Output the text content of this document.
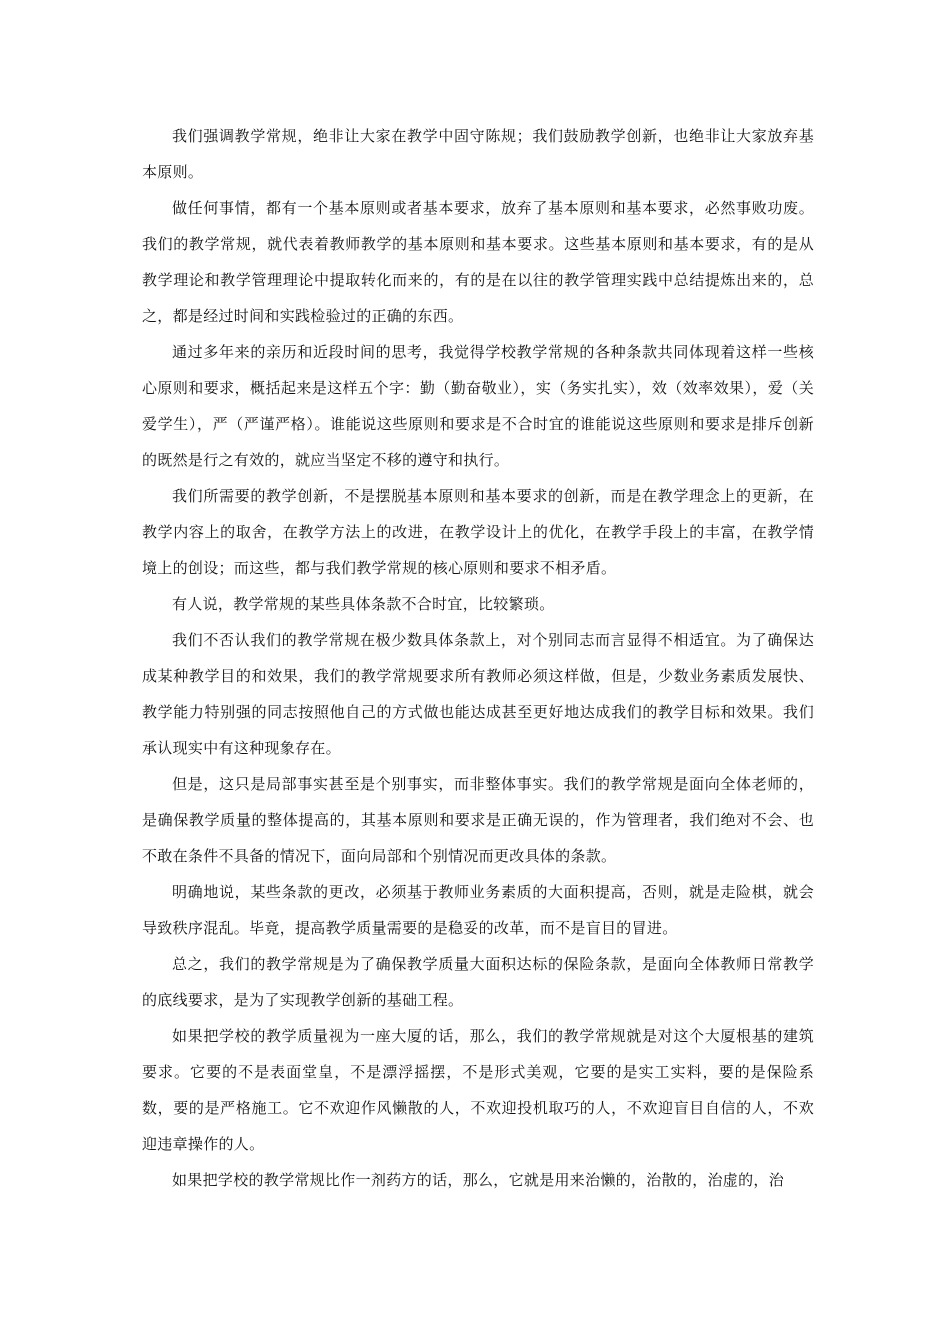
我们强调教学常规，绝非让大家在教学中固守陈规；我们鼓励教学创新，也绝非让大家放弃基本原则。

做任何事情，都有一个基本原则或者基本要求，放弃了基本原则和基本要求，必然事败功废。我们的教学常规，就代表着教师教学的基本原则和基本要求。这些基本原则和基本要求，有的是从教学理论和教学管理理论中提取转化而来的，有的是在以往的教学管理实践中总结提炼出来的，总之，都是经过时间和实践检验过的正确的东西。

通过多年来的亲历和近段时间的思考，我觉得学校教学常规的各种条款共同体现着这样一些核心原则和要求，概括起来是这样五个字：勤（勤奋敬业），实（务实扎实），效（效率效果），爱（关爱学生），严（严谨严格）。谁能说这些原则和要求是不合时宜的谁能说这些原则和要求是排斥创新的既然是行之有效的，就应当坚定不移的遵守和执行。

我们所需要的教学创新，不是摆脱基本原则和基本要求的创新，而是在教学理念上的更新，在教学内容上的取舍，在教学方法上的改进，在教学设计上的优化，在教学手段上的丰富，在教学情境上的创设；而这些，都与我们教学常规的核心原则和要求不相矛盾。

有人说，教学常规的某些具体条款不合时宜，比较繁琐。

我们不否认我们的教学常规在极少数具体条款上，对个别同志而言显得不相适宜。为了确保达成某种教学目的和效果，我们的教学常规要求所有教师必须这样做，但是，少数业务素质发展快、教学能力特别强的同志按照他自己的方式做也能达成甚至更好地达成我们的教学目标和效果。我们承认现实中有这种现象存在。

但是，这只是局部事实甚至是个别事实，而非整体事实。我们的教学常规是面向全体老师的，是确保教学质量的整体提高的，其基本原则和要求是正确无误的，作为管理者，我们绝对不会、也不敢在条件不具备的情况下，面向局部和个别情况而更改具体的条款。

明确地说，某些条款的更改，必须基于教师业务素质的大面积提高，否则，就是走险棋，就会导致秩序混乱。毕竟，提高教学质量需要的是稳妥的改革，而不是盲目的冒进。

总之，我们的教学常规是为了确保教学质量大面积达标的保险条款，是面向全体教师日常教学的底线要求，是为了实现教学创新的基础工程。

如果把学校的教学质量视为一座大厦的话，那么，我们的教学常规就是对这个大厦根基的建筑要求。它要的不是表面堂皇，不是漂浮摇摆，不是形式美观，它要的是实工实料，要的是保险系数，要的是严格施工。它不欢迎作风懒散的人，不欢迎投机取巧的人，不欢迎盲目自信的人，不欢迎违章操作的人。

如果把学校的教学常规比作一剂药方的话，那么，它就是用来治懒的，治散的，治虚的，治
